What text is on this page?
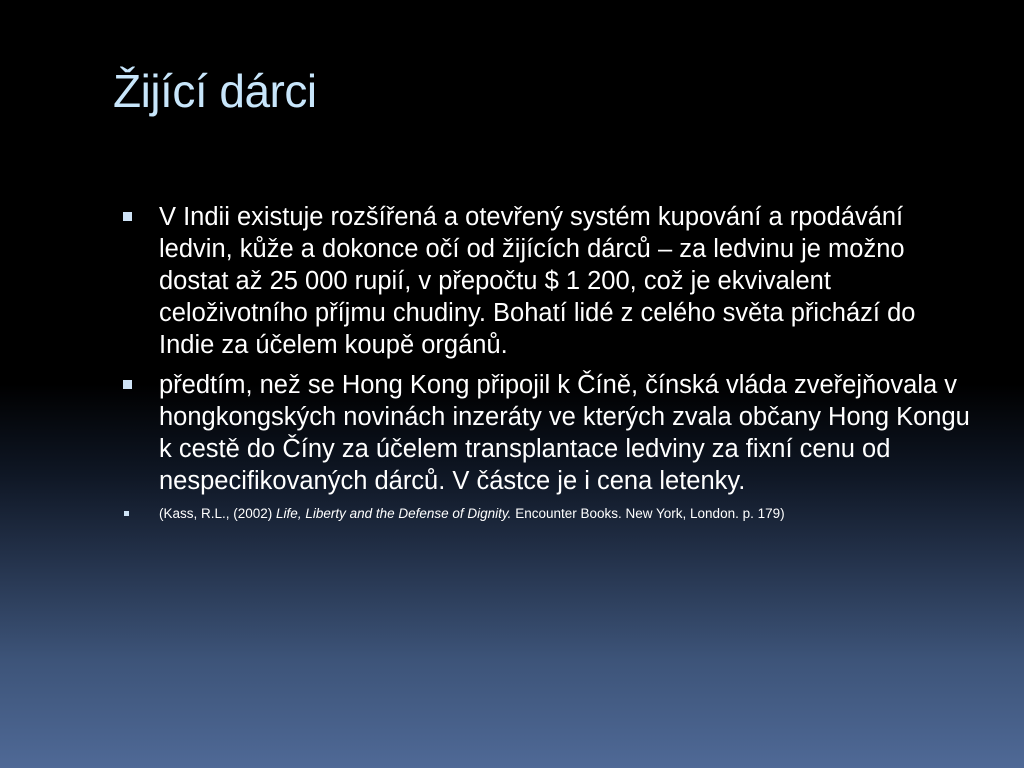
Žijící dárci
V Indii existuje rozšířená a otevřený systém kupování a rpodávání ledvin, kůže a dokonce očí od žijících dárců – za ledvinu je možno dostat až 25 000 rupií, v přepočtu $ 1 200, což je ekvivalent celoživotního příjmu chudiny. Bohatí lidé z celého světa přichází do Indie za účelem koupě orgánů.
předtím, než se Hong Kong připojil k Číně, čínská vláda zveřejňovala v hongkongských novinách inzeráty ve kterých zvala občany Hong Kongu k cestě do Číny za účelem transplantace ledviny za fixní cenu od nespecifikovaných dárců. V částce je i cena letenky.
(Kass, R.L., (2002) Life, Liberty and the Defense of Dignity. Encounter Books. New York, London. p. 179)
